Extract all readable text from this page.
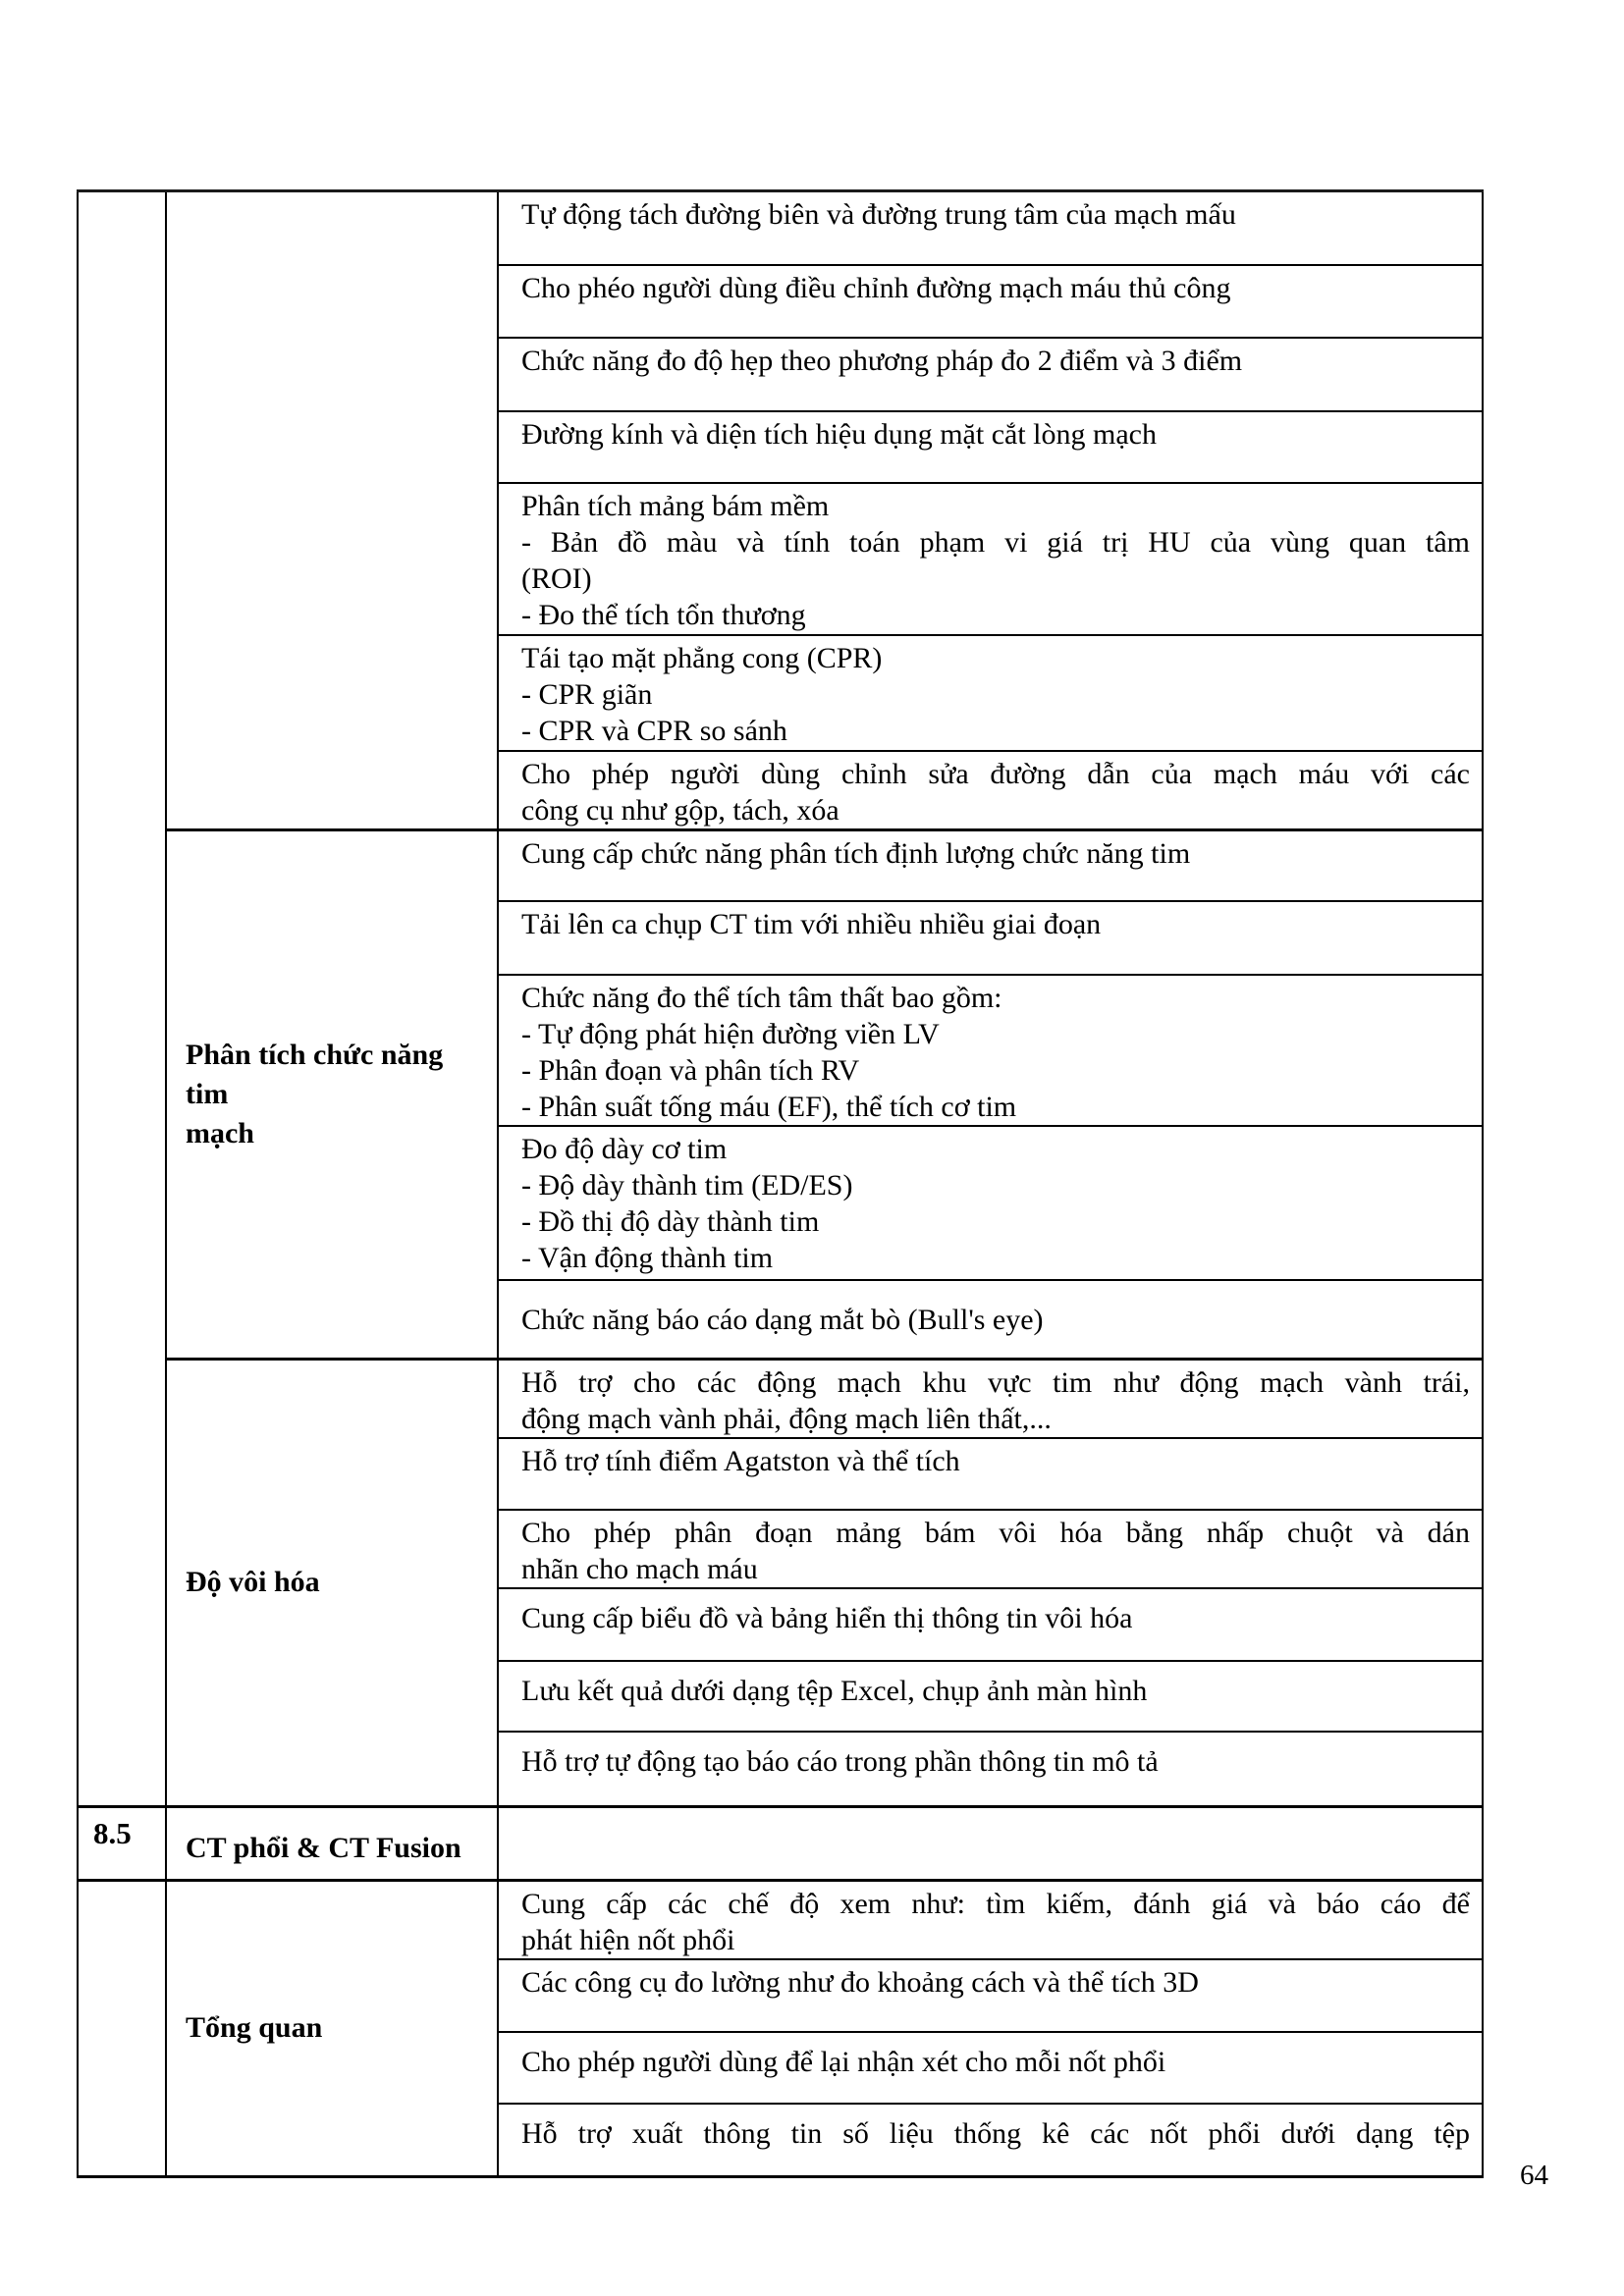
		Tự động tách đường biên và đường trung tâm của mạch mấu

		Cho phéo người dùng điều chỉnh đường mạch máu thủ công

		Chức năng đo độ hẹp theo phương pháp đo 2 điểm và 3 điểm

		Đường kính và diện tích hiệu dụng mặt cắt lòng mạch

		Phân tích mảng bám mềm
- Bản đồ màu và tính toán phạm vi giá trị HU của vùng quan tâm
(ROI)
- Đo thể tích tổn thương

		Tái tạo mặt phẳng cong (CPR)
- CPR giãn
- CPR và CPR so sánh

		Cho phép người dùng chỉnh sửa đường dẫn của mạch máu với các
công cụ như gộp, tách, xóa

	Phân tích chức năng tim
mạch	Cung cấp chức năng phân tích định lượng chức năng tim

		Tải lên ca chụp CT tim với nhiều nhiều giai đoạn

		Chức năng đo thể tích tâm thất bao gồm:
- Tự động phát hiện đường viền LV
- Phân đoạn và phân tích RV
- Phân suất tống máu (EF), thể tích cơ tim

		Đo độ dày cơ tim
- Độ dày thành tim (ED/ES)
- Đồ thị độ dày thành tim
- Vận động thành tim

		Chức năng báo cáo dạng mắt bò (Bull's eye)

	Độ vôi hóa	Hỗ trợ cho các động mạch khu vực tim như động mạch vành trái,
động mạch vành phải, động mạch liên thất,...

		Hỗ trợ tính điểm Agatston và thể tích

		Cho phép phân đoạn mảng bám vôi hóa bằng nhấp chuột và dán
nhãn cho mạch máu

		Cung cấp biểu đồ và bảng hiển thị thông tin vôi hóa

		Lưu kết quả dưới dạng tệp Excel, chụp ảnh màn hình

		Hỗ trợ tự động tạo báo cáo trong phần thông tin mô tả

8.5	CT phổi & CT Fusion	

	Tổng quan	Cung cấp các chế độ xem như: tìm kiếm, đánh giá và báo cáo để
phát hiện nốt phổi

		Các công cụ đo lường như đo khoảng cách và thể tích 3D

		Cho phép người dùng để lại nhận xét cho mỗi nốt phổi

		Hỗ trợ xuất thông tin số liệu thống kê các nốt phổi dưới dạng tệp
64
